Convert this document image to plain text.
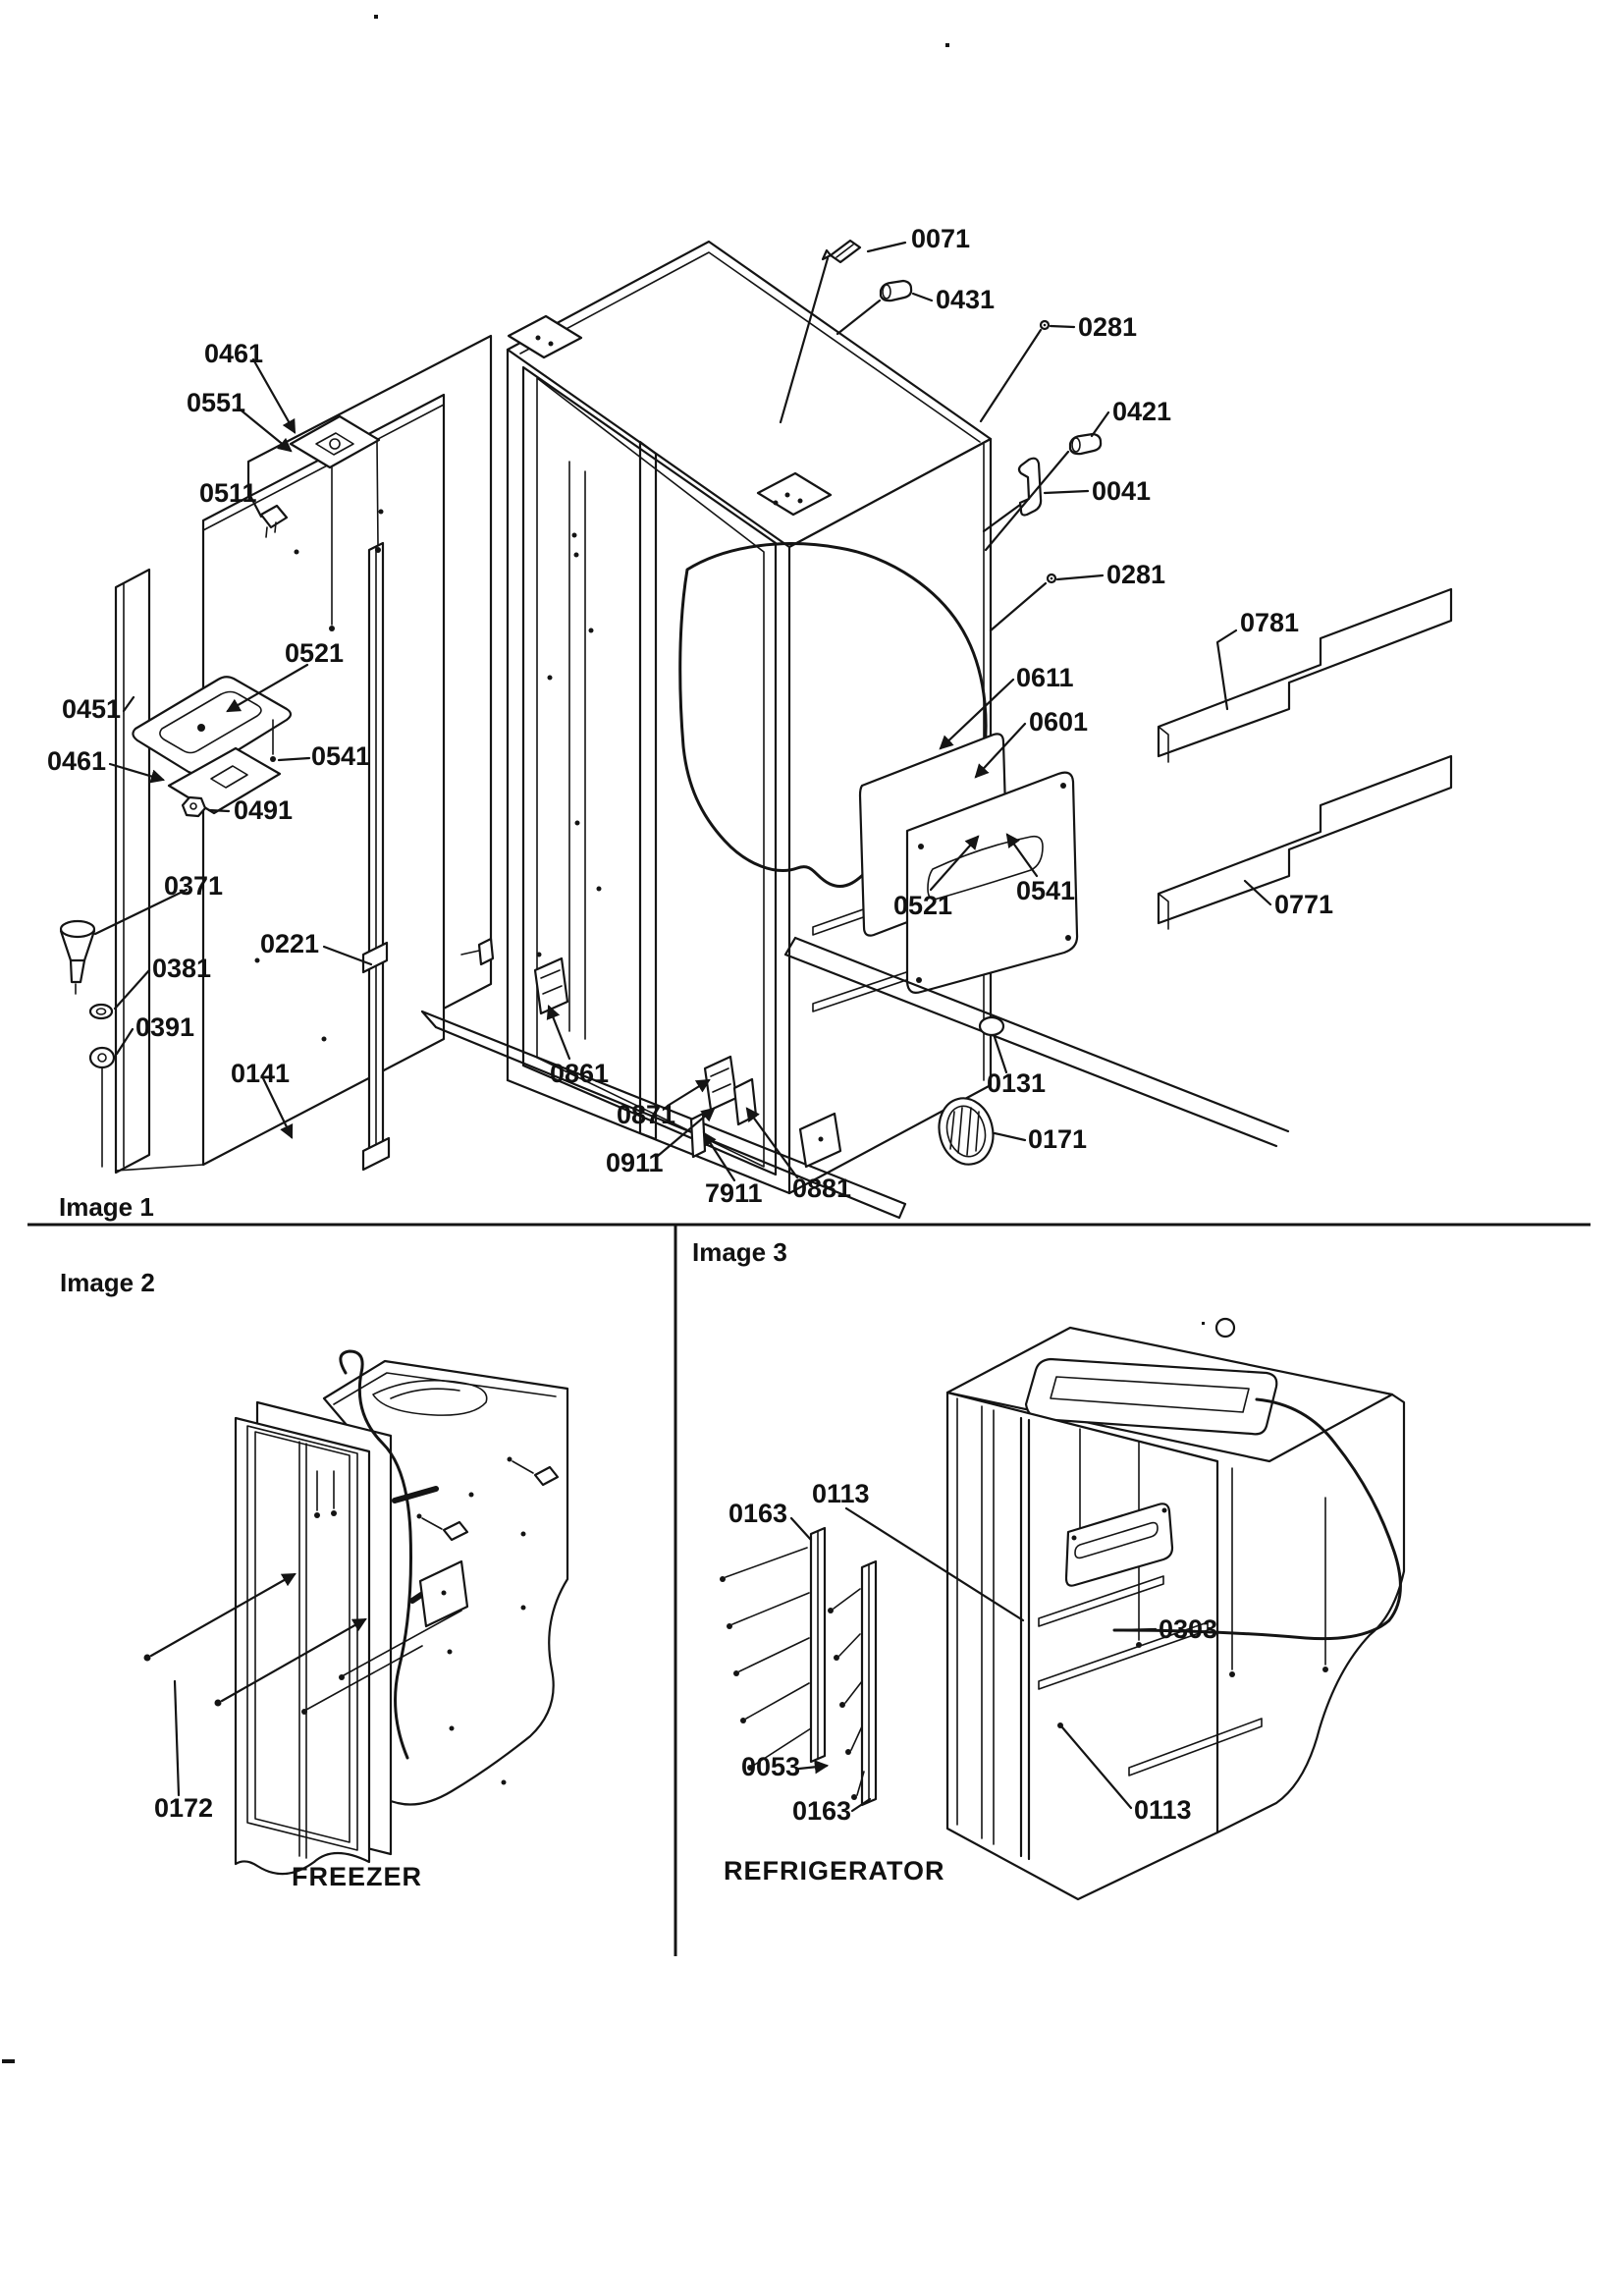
0071
0431
0281
0421
0041
0281
0781
0611
0601
0521 0541	0771
0461
0551
0511
0521
0451
0541
0461
0491
0371
0221
0381
0391
0141	0861
0871
0911
7911 0881
0131
0171
Image 1
Image 2
Image 3
0172
FREEZER
0163
0113
0303
0053
0163	0113
REFRIGERATOR
